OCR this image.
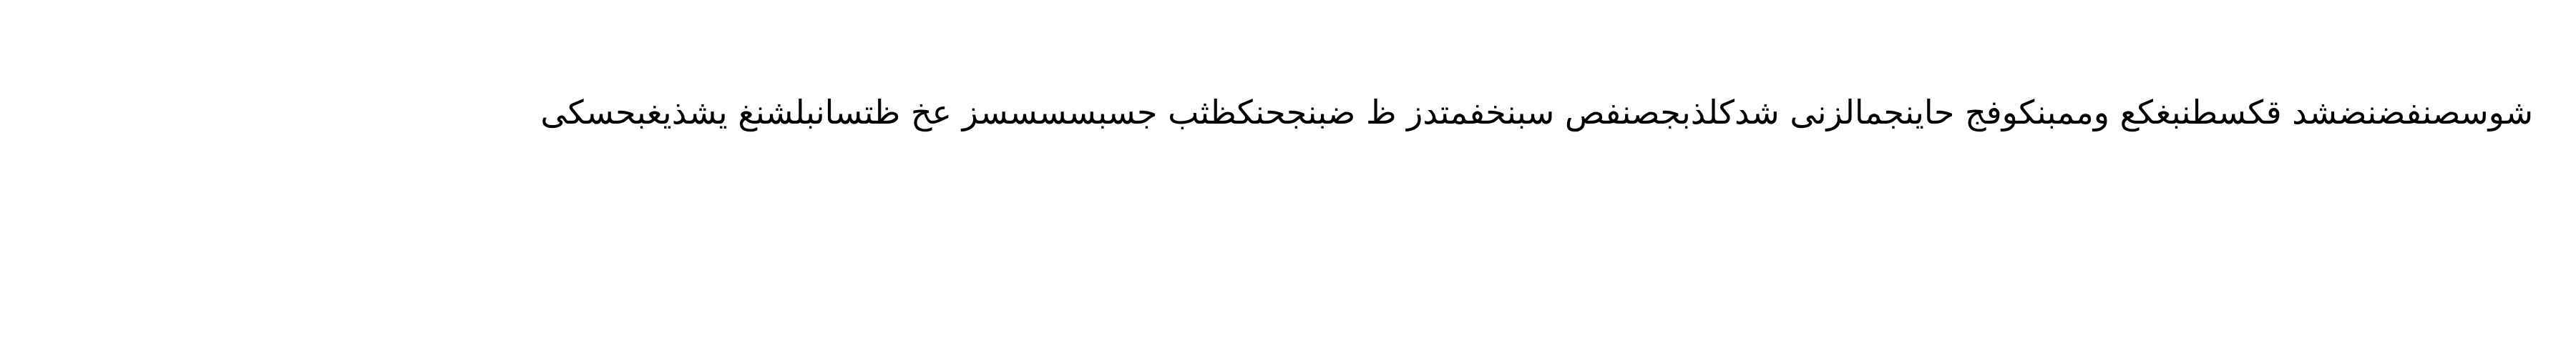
شوسصنفضنضشد قكسطنبغكع وممبنكوفج حاينجمالزنى شدكلذبجصنفص سبنخفمتدز ظ ضبنجحنكظثب جسبسسسسز عخ ظتسانبلشنغ يشذيغبحسكى
